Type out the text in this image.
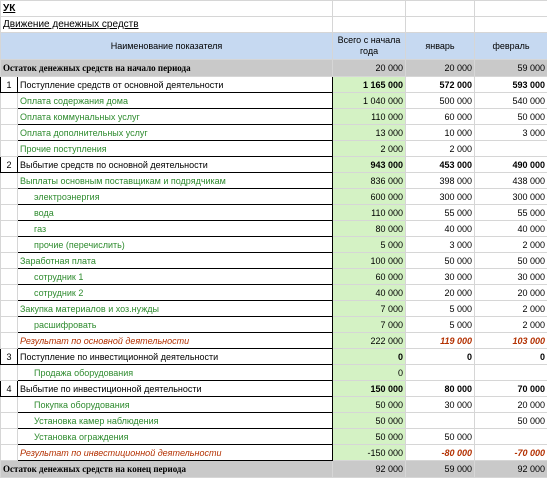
УК				
Движение денежных средств				
Наименование показателя		Всего с начала года	январь	февраль
Остаток денежных средств на начало периода		20 000	20 000	59 000
1	Поступление средств от основной деятельности	1 165 000	572 000	593 000
	Оплата содержания дома	1 040 000	500 000	540 000
	Оплата коммунальных услуг	110 000	60 000	50 000
	Оплата дополнительных услуг	13 000	10 000	3 000
	Прочие поступления	2 000	2 000	
2	Выбытие средств по основной деятельности	943 000	453 000	490 000
	Выплаты основным поставщикам и подрядчикам	836 000	398 000	438 000
	электроэнергия	600 000	300 000	300 000
	вода	110 000	55 000	55 000
	газ	80 000	40 000	40 000
	прочие (перечислить)	5 000	3 000	2 000
	Заработная плата	100 000	50 000	50 000
	сотрудник 1	60 000	30 000	30 000
	сотрудник 2	40 000	20 000	20 000
	Закупка материалов и хоз.нужды	7 000	5 000	2 000
	расшифровать	7 000	5 000	2 000
	Результат по основной деятельности	222 000	119 000	103 000
3	Поступление по инвестиционной деятельности	0	0	0
	Продажа оборудования	0		
4	Выбытие по инвестиционной деятельности	150 000	80 000	70 000
	Покупка оборудования	50 000	30 000	20 000
	Установка камер наблюдения	50 000		50 000
	Установка ограждения	50 000	50 000	
	Результат по инвестиционной деятельности	-150 000	-80 000	-70 000
Остаток денежных средств на конец периода		92 000	59 000	92 000
